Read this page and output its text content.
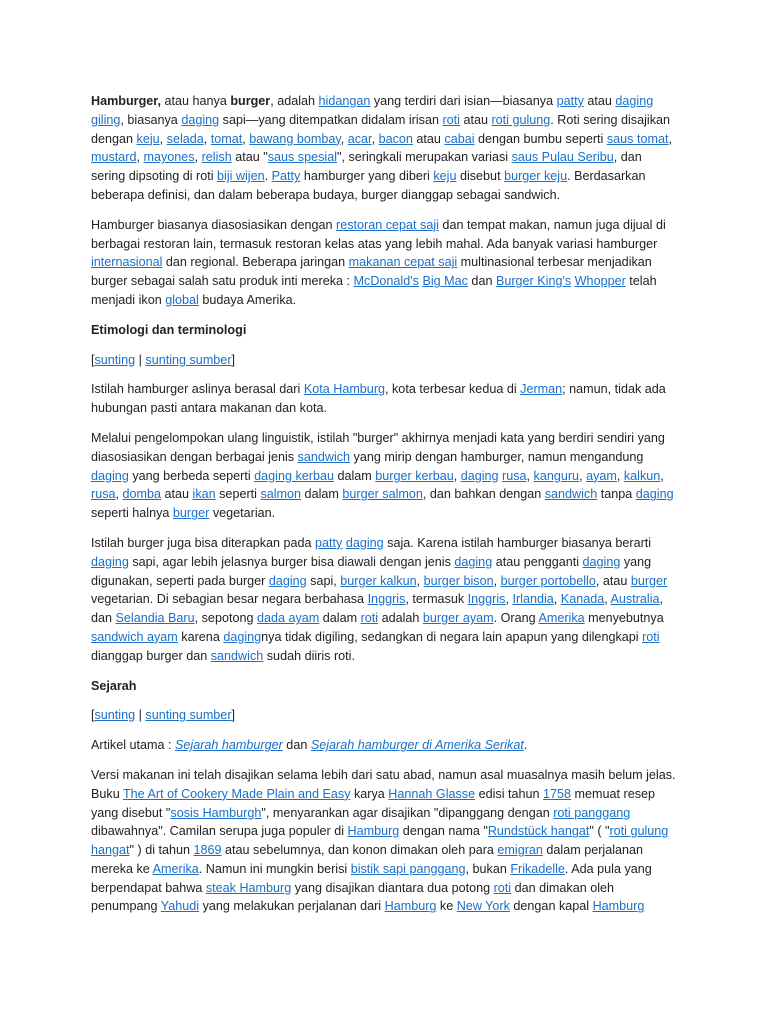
Hamburger, atau hanya burger, adalah hidangan yang terdiri dari isian—biasanya patty atau daging giling, biasanya daging sapi—yang ditempatkan didalam irisan roti atau roti gulung. Roti sering disajikan dengan keju, selada, tomat, bawang bombay, acar, bacon atau cabai dengan bumbu seperti saus tomat, mustard, mayones, relish atau "saus spesial", seringkali merupakan variasi saus Pulau Seribu, dan sering dipsoting di roti biji wijen. Patty hamburger yang diberi keju disebut burger keju. Berdasarkan beberapa definisi, dan dalam beberapa budaya, burger dianggap sebagai sandwich.

Hamburger biasanya diasosiasikan dengan restoran cepat saji dan tempat makan, namun juga dijual di berbagai restoran lain, termasuk restoran kelas atas yang lebih mahal. Ada banyak variasi hamburger internasional dan regional. Beberapa jaringan makanan cepat saji multinasional terbesar menjadikan burger sebagai salah satu produk inti mereka : McDonald's Big Mac dan Burger King's Whopper telah menjadi ikon global budaya Amerika.

Etimologi dan terminologi

[sunting | sunting sumber]

Istilah hamburger aslinya berasal dari Kota Hamburg, kota terbesar kedua di Jerman; namun, tidak ada hubungan pasti antara makanan dan kota.

Melalui pengelompokan ulang linguistik, istilah "burger" akhirnya menjadi kata yang berdiri sendiri yang diasosiasikan dengan berbagai jenis sandwich yang mirip dengan hamburger, namun mengandung daging yang berbeda seperti daging kerbau dalam burger kerbau, daging rusa, kanguru, ayam, kalkun, rusa, domba atau ikan seperti salmon dalam burger salmon, dan bahkan dengan sandwich tanpa daging seperti halnya burger vegetarian.

Istilah burger juga bisa diterapkan pada patty daging saja. Karena istilah hamburger biasanya berarti daging sapi, agar lebih jelasnya burger bisa diawali dengan jenis daging atau pengganti daging yang digunakan, seperti pada burger daging sapi, burger kalkun, burger bison, burger portobello, atau burger vegetarian. Di sebagian besar negara berbahasa Inggris, termasuk Inggris, Irlandia, Kanada, Australia, dan Selandia Baru, sepotong dada ayam dalam roti adalah burger ayam. Orang Amerika menyebutnya sandwich ayam karena dagingnya tidak digiling, sedangkan di negara lain apapun yang dilengkapi roti dianggap burger dan sandwich sudah diiris roti.

Sejarah

[sunting | sunting sumber]

Artikel utama : Sejarah hamburger dan Sejarah hamburger di Amerika Serikat.

Versi makanan ini telah disajikan selama lebih dari satu abad, namun asal muasalnya masih belum jelas. Buku The Art of Cookery Made Plain and Easy karya Hannah Glasse edisi tahun 1758 memuat resep yang disebut "sosis Hamburgh", menyarankan agar disajikan "dipanggang dengan roti panggang dibawahnya". Camilan serupa juga populer di Hamburg dengan nama "Rundstück hangat" ( "roti gulung hangat" ) di tahun 1869 atau sebelumnya, dan konon dimakan oleh para emigran dalam perjalanan mereka ke Amerika. Namun ini mungkin berisi bistik sapi panggang, bukan Frikadelle. Ada pula yang berpendapat bahwa steak Hamburg yang disajikan diantara dua potong roti dan dimakan oleh penumpang Yahudi yang melakukan perjalanan dari Hamburg ke New York dengan kapal Hamburg
